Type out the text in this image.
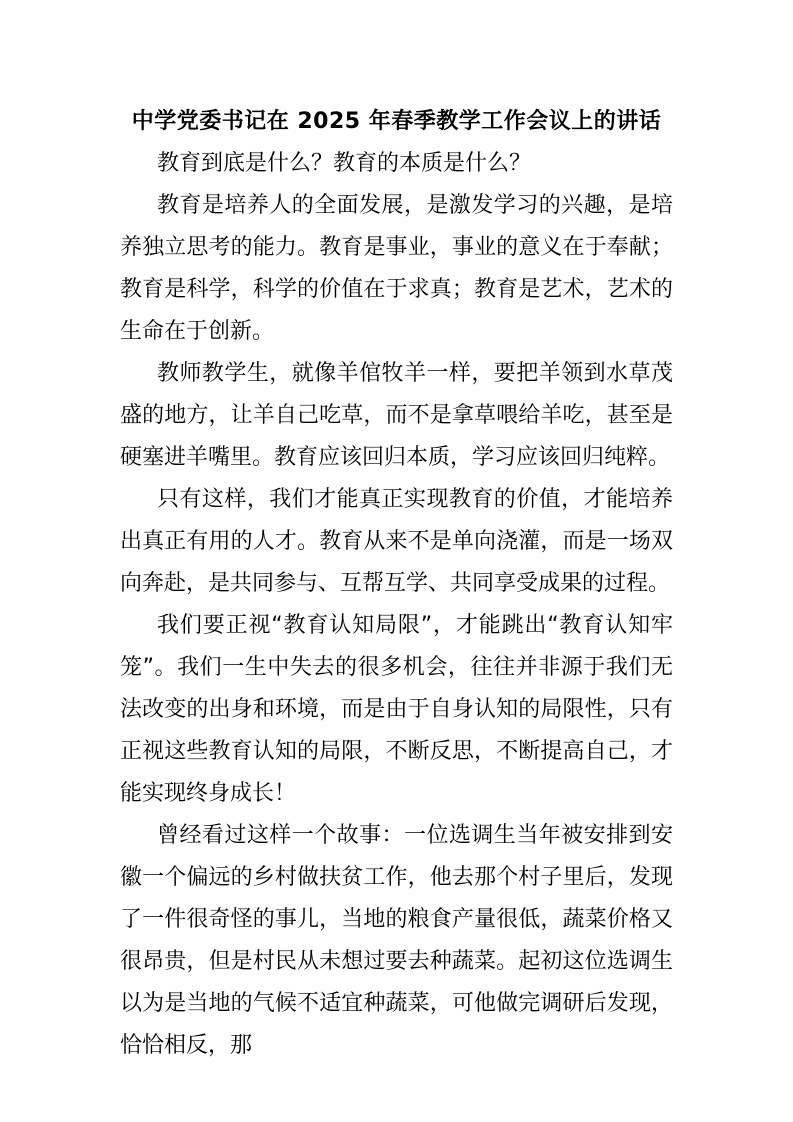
中学党委书记在 2025 年春季教学工作会议上的讲话

教育到底是什么？教育的本质是什么？

教育是培养人的全面发展，是激发学习的兴趣，是培养独立思考的能力。教育是事业，事业的意义在于奉献；教育是科学，科学的价值在于求真；教育是艺术，艺术的生命在于创新。

教师教学生，就像羊倌牧羊一样，要把羊领到水草茂盛的地方，让羊自己吃草，而不是拿草喂给羊吃，甚至是硬塞进羊嘴里。教育应该回归本质，学习应该回归纯粹。

只有这样，我们才能真正实现教育的价值，才能培养出真正有用的人才。教育从来不是单向浇灌，而是一场双向奔赴，是共同参与、互帮互学、共同享受成果的过程。

我们要正视“教育认知局限”，才能跳出“教育认知牢笼”。我们一生中失去的很多机会，往往并非源于我们无法改变的出身和环境，而是由于自身认知的局限性，只有正视这些教育认知的局限，不断反思，不断提高自己，才能实现终身成长！

曾经看过这样一个故事：一位选调生当年被安排到安徽一个偏远的乡村做扶贫工作，他去那个村子里后，发现了一件很奇怪的事儿，当地的粮食产量很低，蔬菜价格又很昂贵，但是村民从未想过要去种蔬菜。起初这位选调生以为是当地的气候不适宜种蔬菜，可他做完调研后发现，恰恰相反，那
